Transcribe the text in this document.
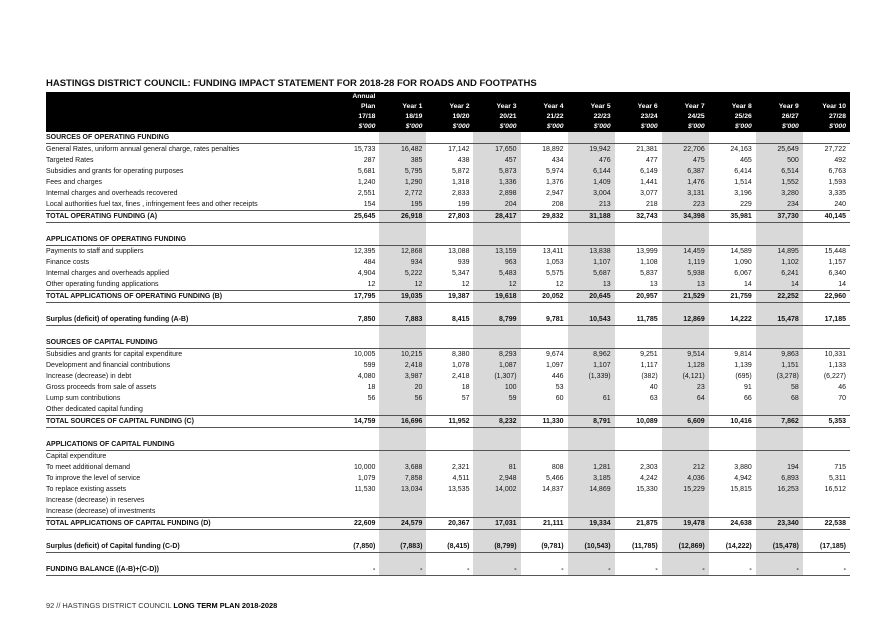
HASTINGS DISTRICT COUNCIL: FUNDING IMPACT STATEMENT FOR 2018-28 FOR ROADS AND FOOTPATHS
	Annual										
	Plan	Year 1	Year 2	Year 3	Year 4	Year 5	Year 6	Year 7	Year 8	Year 9	Year 10
	17/18	18/19	19/20	20/21	21/22	22/23	23/24	24/25	25/26	26/27	27/28
	$'000	$'000	$'000	$'000	$'000	$'000	$'000	$'000	$'000	$'000	$'000
SOURCES OF OPERATING FUNDING											
General Rates, uniform annual general charge, rates penalties	15,733	16,482	17,142	17,650	18,892	19,942	21,381	22,706	24,163	25,649	27,722
Targeted Rates	287	385	438	457	434	476	477	475	465	500	492
Subsidies and grants for operating purposes	5,681	5,795	5,872	5,873	5,974	6,144	6,149	6,387	6,414	6,514	6,763
Fees and charges	1,240	1,290	1,318	1,336	1,376	1,409	1,441	1,476	1,514	1,552	1,593
Internal charges and overheads recovered	2,551	2,772	2,833	2,898	2,947	3,004	3,077	3,131	3,196	3,280	3,335
Local authorities fuel tax, fines , infringement fees and other receipts	154	195	199	204	208	213	218	223	229	234	240
TOTAL OPERATING FUNDING (A)	25,645	26,918	27,803	28,417	29,832	31,188	32,743	34,398	35,981	37,730	40,145

APPLICATIONS OF OPERATING FUNDING											
Payments to staff and suppliers	12,395	12,868	13,088	13,159	13,411	13,838	13,999	14,459	14,589	14,895	15,448
Finance costs	484	934	939	963	1,053	1,107	1,108	1,119	1,090	1,102	1,157
Internal charges and overheads applied	4,904	5,222	5,347	5,483	5,575	5,687	5,837	5,938	6,067	6,241	6,340
Other operating funding applications	12	12	12	12	12	13	13	13	14	14	14
TOTAL APPLICATIONS OF OPERATING FUNDING (B)	17,795	19,035	19,387	19,618	20,052	20,645	20,957	21,529	21,759	22,252	22,960

Surplus (deficit) of operating funding (A-B)	7,850	7,883	8,415	8,799	9,781	10,543	11,785	12,869	14,222	15,478	17,185

SOURCES OF CAPITAL FUNDING											
Subsidies and grants for capital expenditure	10,005	10,215	8,380	8,293	9,674	8,962	9,251	9,514	9,814	9,863	10,331
Development and financial contributions	599	2,418	1,078	1,087	1,097	1,107	1,117	1,128	1,139	1,151	1,133
Increase (decrease) in debt	4,080	3,987	2,418	(1,307)	446	(1,339)	(382)	(4,121)	(695)	(3,278)	(6,227)
Gross proceeds from sale of assets	18	20	18	100	53		40	23	91	58	46
Lump sum contributions	56	56	57	59	60	61	63	64	66	68	70
Other dedicated capital funding											
TOTAL SOURCES OF CAPITAL FUNDING (C)	14,759	16,696	11,952	8,232	11,330	8,791	10,089	6,609	10,416	7,862	5,353

APPLICATIONS OF CAPITAL FUNDING											
Capital expenditure											
To meet additional demand	10,000	3,688	2,321	81	808	1,281	2,303	212	3,880	194	715
To improve the level of service	1,079	7,858	4,511	2,948	5,466	3,185	4,242	4,036	4,942	6,893	5,311
To replace existing assets	11,530	13,034	13,535	14,002	14,837	14,869	15,330	15,229	15,815	16,253	16,512
Increase (decrease) in reserves											
Increase (decrease) of investments											
TOTAL APPLICATIONS OF CAPITAL FUNDING (D)	22,609	24,579	20,367	17,031	21,111	19,334	21,875	19,478	24,638	23,340	22,538

Surplus (deficit) of Capital funding (C-D)	(7,850)	(7,883)	(8,415)	(8,799)	(9,781)	(10,543)	(11,785)	(12,869)	(14,222)	(15,478)	(17,185)

FUNDING BALANCE ((A-B)+(C-D))	-	-	-	-	-	-	-	-	-	-	-
92 // HASTINGS DISTRICT COUNCIL LONG TERM PLAN 2018-2028
